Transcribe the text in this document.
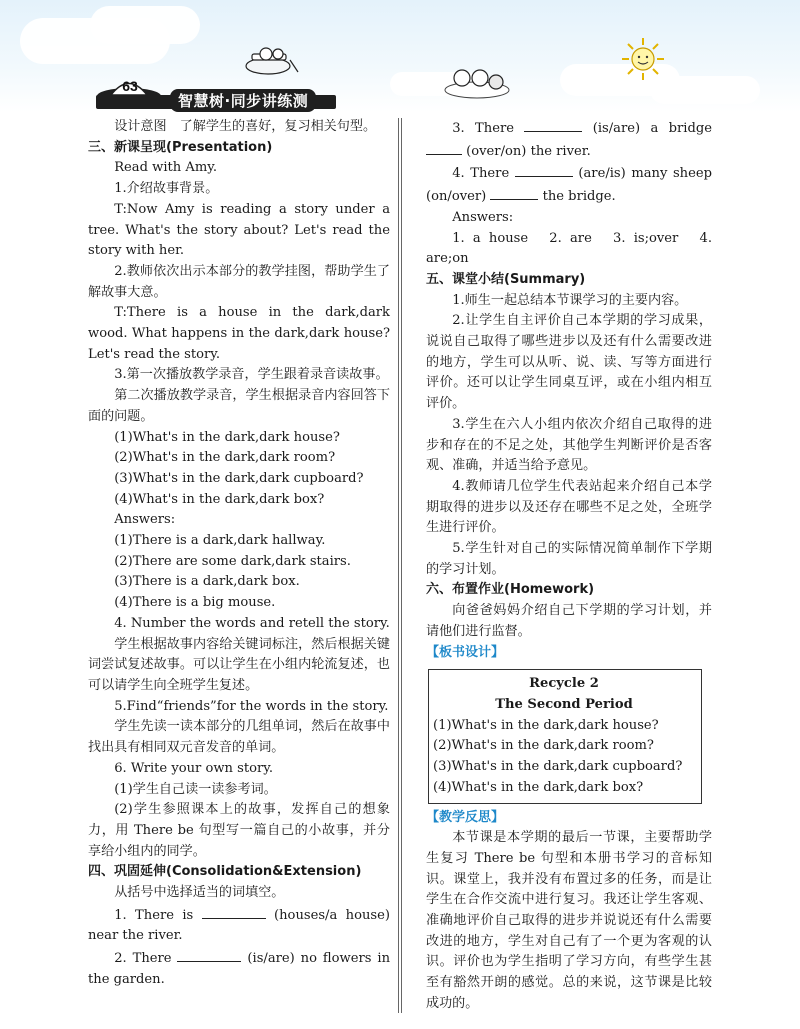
63
智慧树·同步讲练测

设计意图　了解学生的喜好，复习相关句型。

三、新课呈现(Presentation)

Read with Amy.

1.介绍故事背景。

T:Now Amy is reading a story under a tree. What's the story about? Let's read the story with her.

2.教师依次出示本部分的教学挂图，帮助学生了解故事大意。

T:There is a house in the dark,dark wood. What happens in the dark,dark house? Let's read the story.

3.第一次播放教学录音，学生跟着录音读故事。

第二次播放教学录音，学生根据录音内容回答下面的问题。

(1)What's in the dark,dark house?

(2)What's in the dark,dark room?

(3)What's in the dark,dark cupboard?

(4)What's in the dark,dark box?

Answers:

(1)There is a dark,dark hallway.

(2)There are some dark,dark stairs.

(3)There is a dark,dark box.

(4)There is a big mouse.

4. Number the words and retell the story.

学生根据故事内容给关键词标注，然后根据关键词尝试复述故事。可以让学生在小组内轮流复述，也可以请学生向全班学生复述。

5.Find“friends”for the words in the story.

学生先读一读本部分的几组单词，然后在故事中找出具有相同双元音发音的单词。

6. Write your own story.

(1)学生自己读一读参考词。

(2)学生参照课本上的故事，发挥自己的想象力，用 There be 句型写一篇自己的小故事，并分享给小组内的同学。

四、巩固延伸(Consolidation&Extension)

从括号中选择适当的词填空。

1. There is	(houses/a house) near the river.

2. There	(is/are) no flowers in the garden.

3. There	(is/are) a bridge  (over/on) the river.

4. There	(are/is) many sheep (on/over)	the bridge.

Answers:

1. a house　2. are　3. is;over　4. are;on

五、课堂小结(Summary)

1.师生一起总结本节课学习的主要内容。

2.让学生自主评价自己本学期的学习成果，说说自己取得了哪些进步以及还有什么需要改进的地方，学生可以从听、说、读、写等方面进行评价。还可以让学生同桌互评，或在小组内相互评价。

3.学生在六人小组内依次介绍自己取得的进步和存在的不足之处，其他学生判断评价是否客观、准确，并适当给予意见。

4.教师请几位学生代表站起来介绍自己本学期取得的进步以及还存在哪些不足之处，全班学生进行评价。

5.学生针对自己的实际情况简单制作下学期的学习计划。

六、布置作业(Homework)

向爸爸妈妈介绍自己下学期的学习计划，并请他们进行监督。

【板书设计】

Recycle 2

The Second Period

(1)What's in the dark,dark house?

(2)What's in the dark,dark room?

(3)What's in the dark,dark cupboard?

(4)What's in the dark,dark box?

【教学反思】

本节课是本学期的最后一节课，主要帮助学生复习 There be 句型和本册书学习的音标知识。课堂上，我并没有布置过多的任务，而是让学生在合作交流中进行复习。我还让学生客观、准确地评价自己取得的进步并说说还有什么需要改进的地方，学生对自己有了一个更为客观的认识。评价也为学生指明了学习方向，有些学生甚至有豁然开朗的感觉。总的来说，这节课是比较成功的。
